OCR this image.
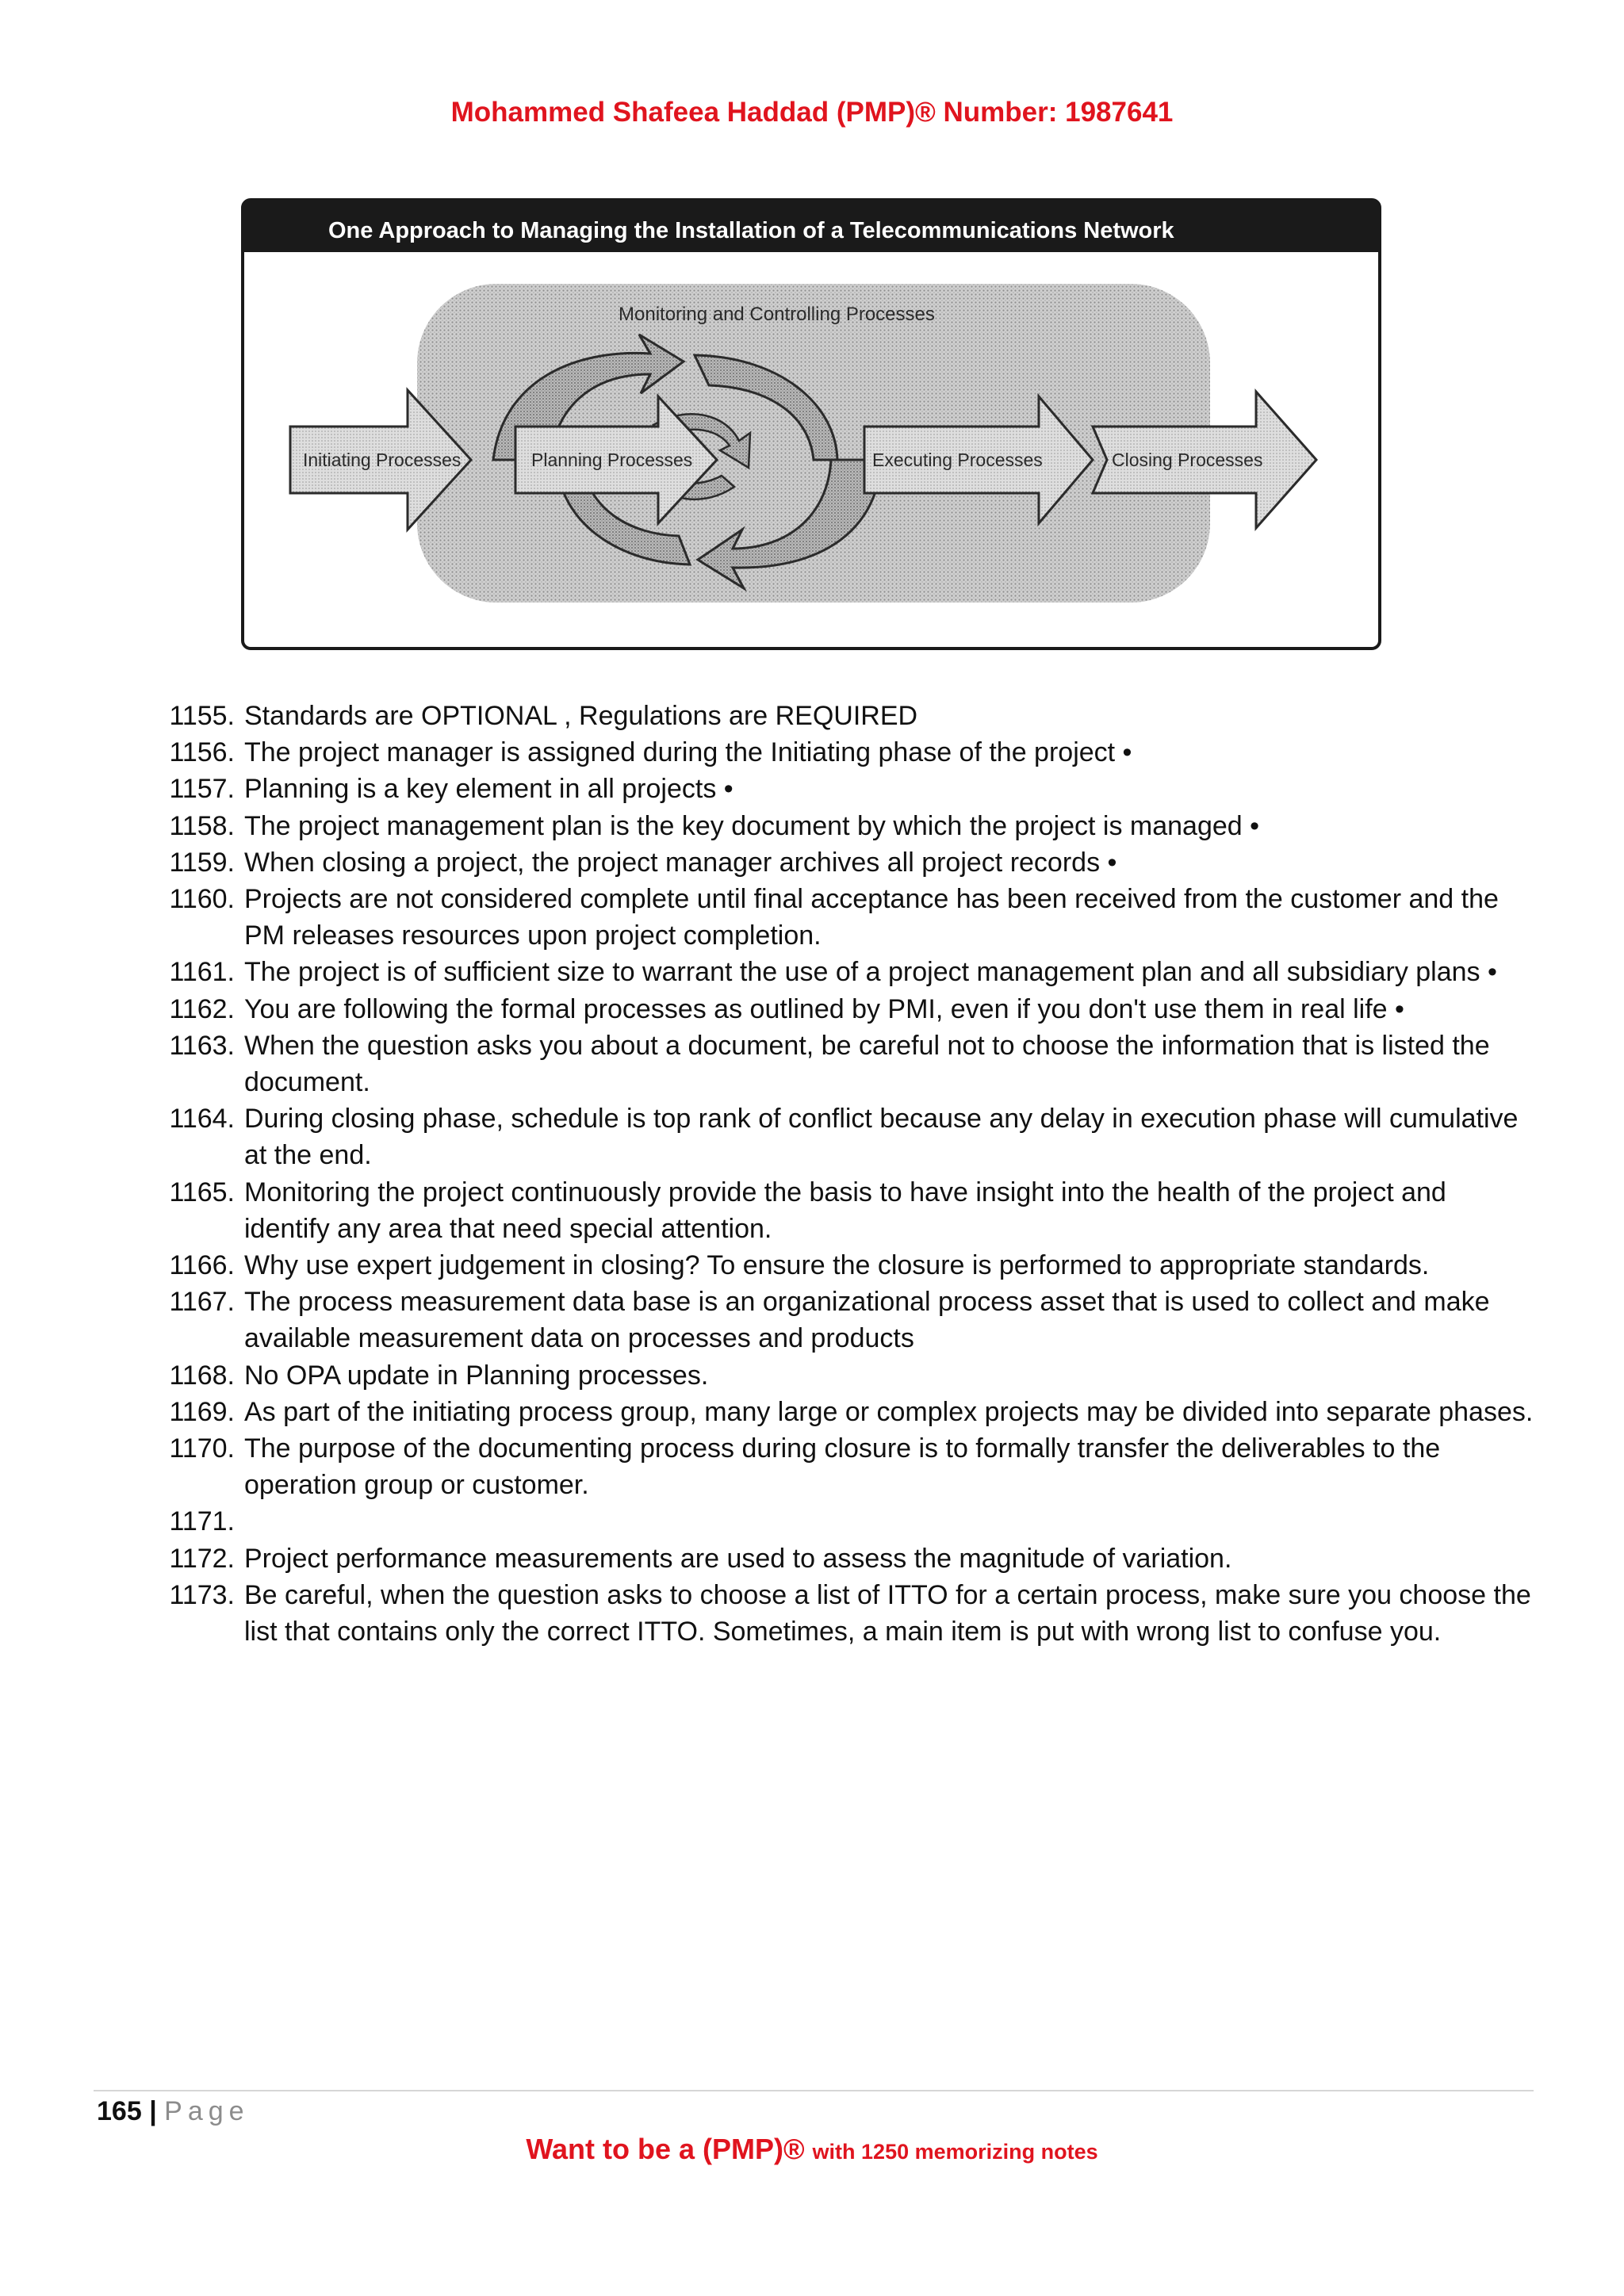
Mohammed Shafeea Haddad (PMP)® Number: 1987641
One Approach to Managing the Installation of a Telecommunications Network
Monitoring and Controlling Processes
Initiating Processes	Planning Processes	Executing Processes	Closing Processes
1155. Standards are OPTIONAL , Regulations are REQUIRED
1156. The project manager is assigned during the Initiating phase of the project •
1157. Planning is a key element in all projects •
1158. The project management plan is the key document by which the project is managed •
1159. When closing a project, the project manager archives all project records •
1160. Projects are not considered complete until final acceptance has been received from the customer and the PM releases resources upon project completion.
1161. The project is of sufficient size to warrant the use of a project management plan and all subsidiary plans •
1162. You are following the formal processes as outlined by PMI, even if you don't use them in real life •
1163. When the question asks you about a document, be careful not to choose the information that is listed the document.
1164. During closing phase, schedule is top rank of conflict because any delay in execution phase will cumulative at the end.
1165. Monitoring the project continuously provide the basis to have insight into the health of the project and identify any area that need special attention.
1166. Why use expert judgement in closing? To ensure the closure is performed to appropriate standards.
1167. The process measurement data base is an organizational process asset that is used to collect and make available measurement data on processes and products
1168. No OPA update in Planning processes.
1169. As part of the initiating process group, many large or complex projects may be divided into separate phases.
1170. The purpose of the documenting process during closure is to formally transfer the deliverables to the operation group or customer.
1171.
1172. Project performance measurements are used to assess the magnitude of variation.
1173. Be careful, when the question asks to choose a list of ITTO for a certain process, make sure you choose the list that contains only the correct ITTO. Sometimes, a main item is put with wrong list to confuse you.
165 | Page
Want to be a (PMP)® with 1250 memorizing notes
